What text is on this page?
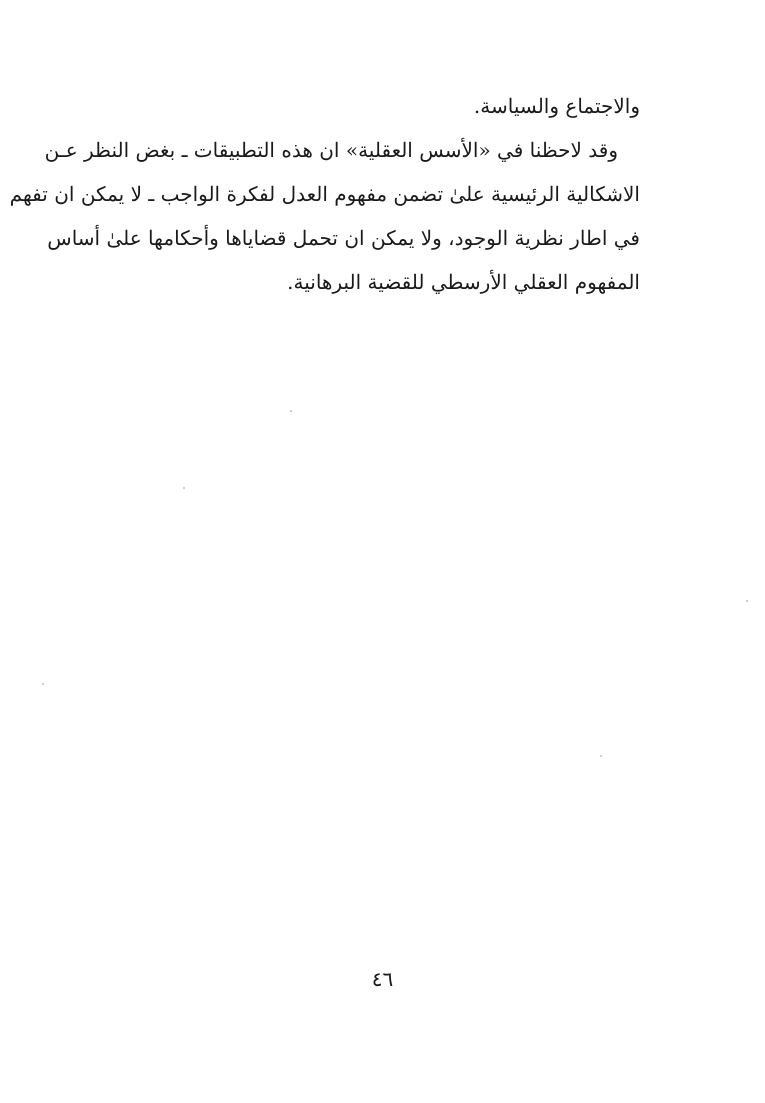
والاجتماع والسياسة.
وقد لاحظنا في «الأسس العقلية» ان هذه التطبيقات ـ بغض النظر عـن
الاشكالية الرئيسية علىٰ تضمن مفهوم العدل لفكرة الواجب ـ لا يمكن ان تفهم
في اطار نظرية الوجود، ولا يمكن ان تحمل قضاياها وأحكامها علىٰ أساس
المفهوم العقلي الأرسطي للقضية البرهانية.
٤٦
